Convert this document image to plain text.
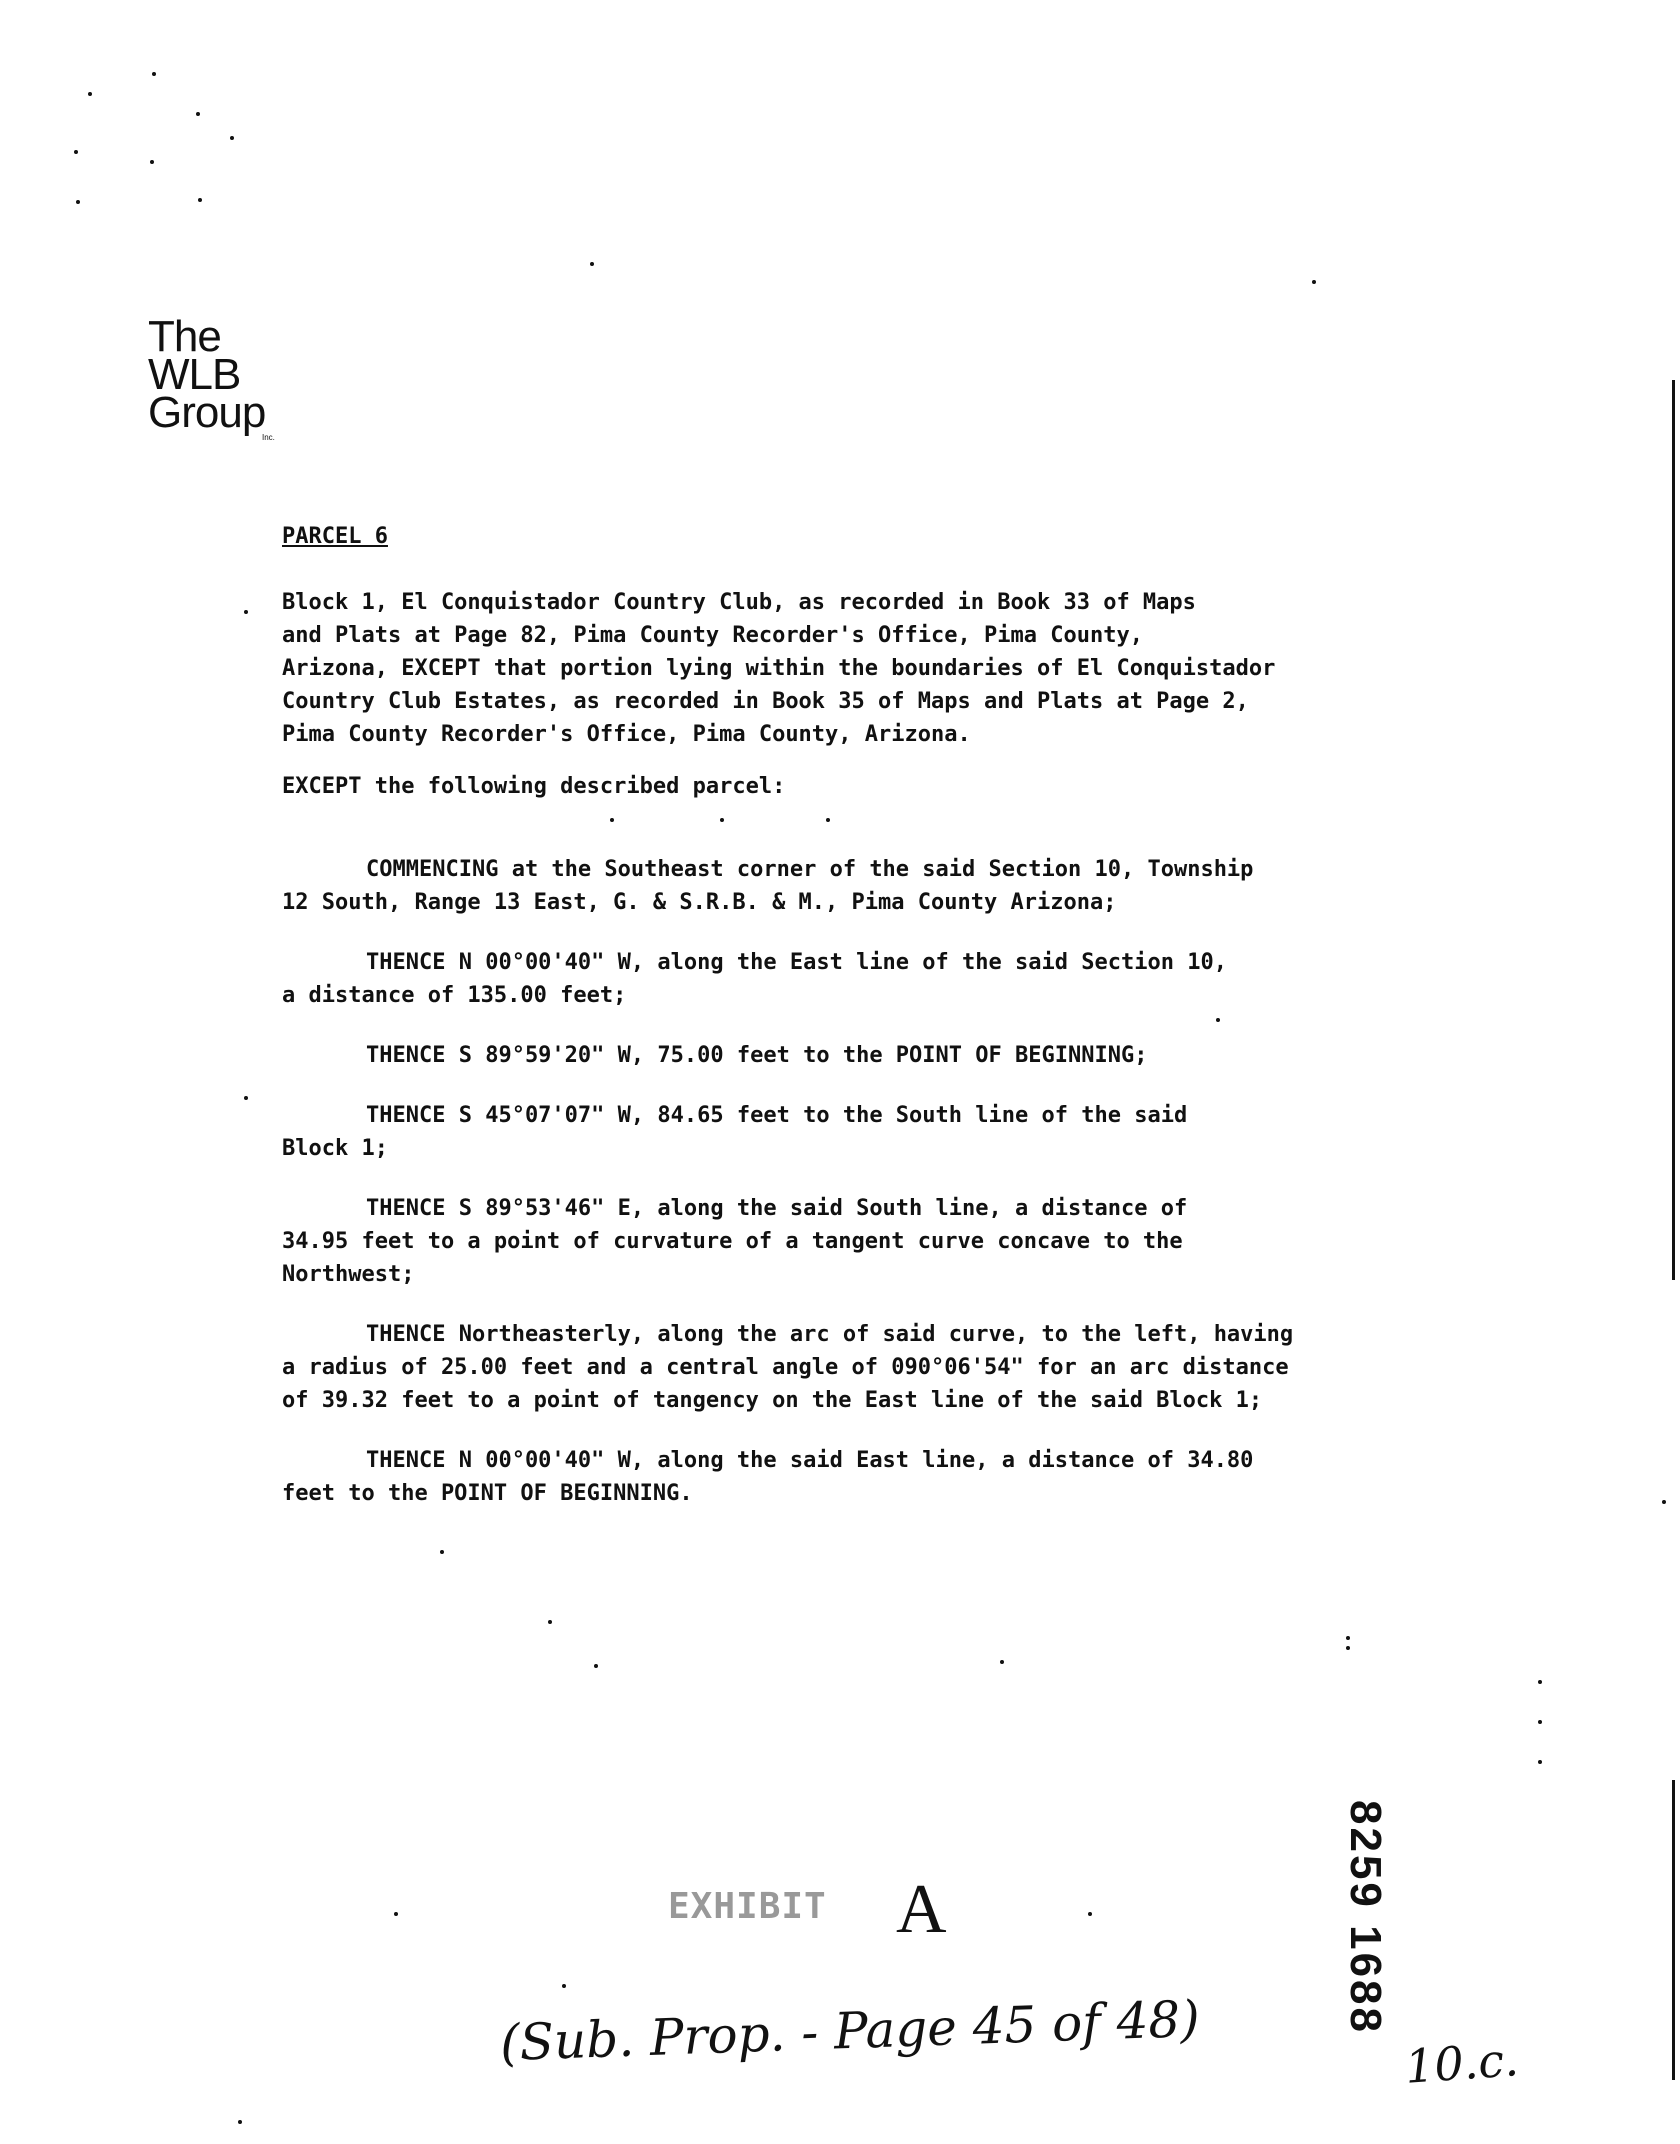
The
WLB
Group
Inc.
PARCEL 6
Block 1, El Conquistador Country Club, as recorded in Book 33 of Maps
and Plats at Page 82, Pima County Recorder's Office, Pima County,
Arizona, EXCEPT that portion lying within the boundaries of El Conquistador
Country Club Estates, as recorded in Book 35 of Maps and Plats at Page 2,
Pima County Recorder's Office, Pima County, Arizona.
EXCEPT the following described parcel:
COMMENCING at the Southeast corner of the said Section 10, Township
12 South, Range 13 East, G. & S.R.B. & M., Pima County Arizona;
THENCE N 00°00'40" W, along the East line of the said Section 10,
a distance of 135.00 feet;
THENCE S 89°59'20" W, 75.00 feet to the POINT OF BEGINNING;
THENCE S 45°07'07" W, 84.65 feet to the South line of the said
Block 1;
THENCE S 89°53'46" E, along the said South line, a distance of
34.95 feet to a point of curvature of a tangent curve concave to the
Northwest;
THENCE Northeasterly, along the arc of said curve, to the left, having
a radius of 25.00 feet and a central angle of 090°06'54" for an arc distance
of 39.32 feet to a point of tangency on the East line of the said Block 1;
THENCE N 00°00'40" W, along the said East line, a distance of 34.80
feet to the POINT OF BEGINNING.
8259 1688
EXHIBIT A
(Sub. Prop. - Page 45 of 48)	10.c.
